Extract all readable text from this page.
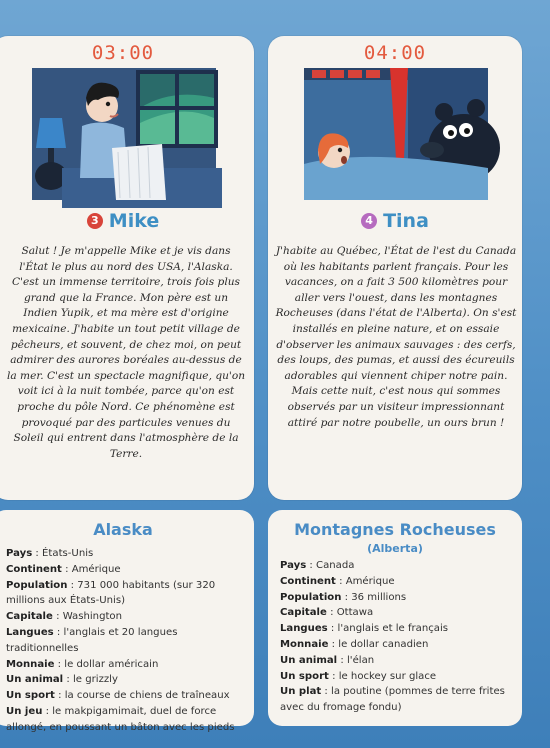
03:00
3 Mike

Salut ! Je m'appelle Mike et je vis dans l'État le plus au nord des USA, l'Alaska. C'est un immense territoire, trois fois plus grand que la France. Mon père est un Indien Yupik, et ma mère est d'origine mexicaine. J'habite un tout petit village de pêcheurs, et souvent, de chez moi, on peut admirer des aurores boréales au-dessus de la mer. C'est un spectacle magnifique, qu'on voit ici à la nuit tombée, parce qu'on est proche du pôle Nord. Ce phénomène est provoqué par des particules venues du Soleil qui entrent dans l'atmosphère de la Terre.

04:00
4 Tina

J'habite au Québec, l'État de l'est du Canada où les habitants parlent français. Pour les vacances, on a fait 3 500 kilomètres pour aller vers l'ouest, dans les montagnes Rocheuses (dans l'état de l'Alberta). On s'est installés en pleine nature, et on essaie d'observer les animaux sauvages : des cerfs, des loups, des pumas, et aussi des écureuils adorables qui viennent chiper notre pain. Mais cette nuit, c'est nous qui sommes observés par un visiteur impressionnant attiré par notre poubelle, un ours brun !

Alaska
Pays : États-Unis
Continent : Amérique
Population : 731 000 habitants (sur 320 millions aux États-Unis)
Capitale : Washington
Langues : l'anglais et 20 langues traditionnelles
Monnaie : le dollar américain
Un animal : le grizzly
Un sport : la course de chiens de traîneaux
Un jeu : le makpigamimait, duel de force allongé, en poussant un bâton avec les pieds
Montagnes Rocheuses
(Alberta)
Pays : Canada
Continent : Amérique
Population : 36 millions
Capitale : Ottawa
Langues : l'anglais et le français
Monnaie : le dollar canadien
Un animal : l'élan
Un sport : le hockey sur glace
Un plat : la poutine (pommes de terre frites avec du fromage fondu)
